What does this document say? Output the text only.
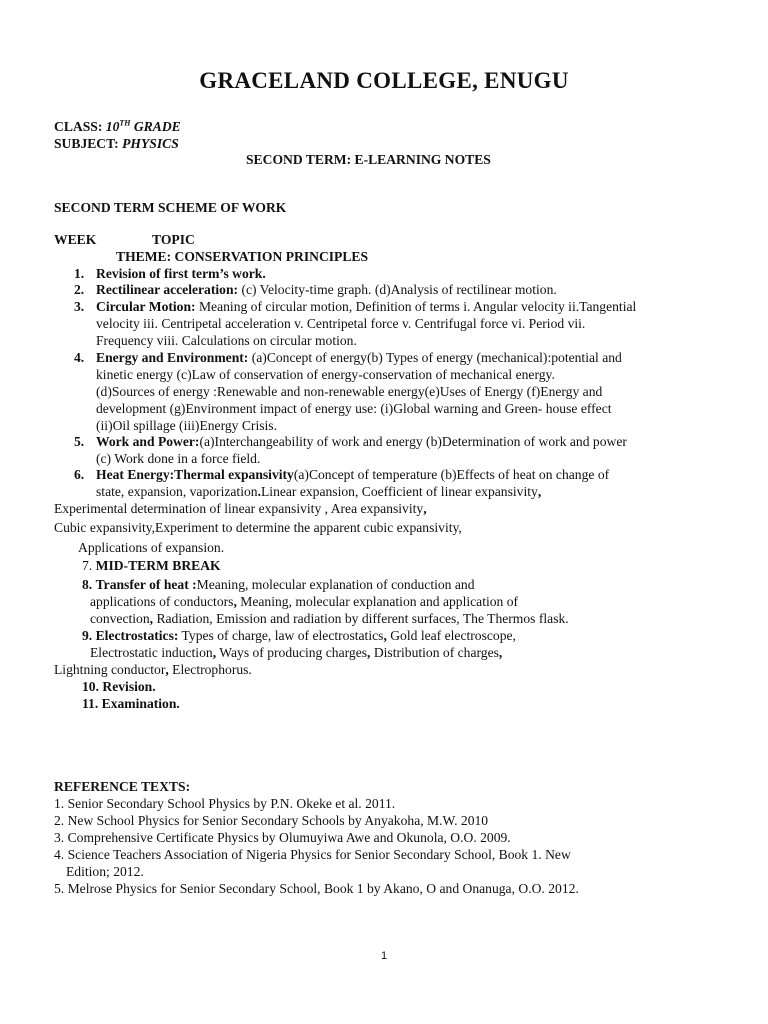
GRACELAND COLLEGE, ENUGU
CLASS: 10TH GRADE
SUBJECT: PHYSICS
SECOND TERM: E-LEARNING NOTES
SECOND TERM SCHEME OF WORK
WEEK	TOPIC
THEME: CONSERVATION PRINCIPLES
1. Revision of first term’s work.
2. Rectilinear acceleration: (c) Velocity-time graph. (d)Analysis of rectilinear motion.
3. Circular Motion: Meaning of circular motion, Definition of terms i. Angular velocity ii.Tangential
velocity iii. Centripetal acceleration v. Centripetal force v. Centrifugal force vi. Period vii.
Frequency viii. Calculations on circular motion.
4. Energy and Environment: (a)Concept of energy(b) Types of energy (mechanical):potential and
kinetic energy (c)Law of conservation of energy-conservation of mechanical energy.
(d)Sources of energy :Renewable and non-renewable energy(e)Uses of Energy (f)Energy and
development (g)Environment impact of energy use: (i)Global warning and Green- house effect
(ii)Oil spillage (iii)Energy Crisis.
5. Work and Power:(a)Interchangeability of work and energy (b)Determination of work and power
(c) Work done in a force field.
6. Heat Energy:Thermal expansivity(a)Concept of temperature (b)Effects of heat on change of
state, expansion, vaporization.Linear expansion, Coefficient of linear expansivity,
Experimental determination of linear expansivity , Area expansivity,
Cubic expansivity,Experiment to determine the apparent cubic expansivity,
Applications of expansion.
7. MID-TERM BREAK
8. Transfer of heat :Meaning, molecular explanation of conduction and
applications of conductors, Meaning, molecular explanation and application of
convection, Radiation, Emission and radiation by different surfaces, The Thermos flask.
9. Electrostatics: Types of charge, law of electrostatics, Gold leaf electroscope,
Electrostatic induction, Ways of producing charges, Distribution of charges,
Lightning conductor, Electrophorus.
10. Revision.
11. Examination.
REFERENCE TEXTS:
1. Senior Secondary School Physics by P.N. Okeke et al. 2011.
2. New School Physics for Senior Secondary Schools by Anyakoha, M.W. 2010
3. Comprehensive Certificate Physics by Olumuyiwa Awe and Okunola, O.O. 2009.
4. Science Teachers Association of Nigeria Physics for Senior Secondary School, Book 1. New
Edition; 2012.
5. Melrose Physics for Senior Secondary School, Book 1 by Akano, O and Onanuga, O.O. 2012.
1
